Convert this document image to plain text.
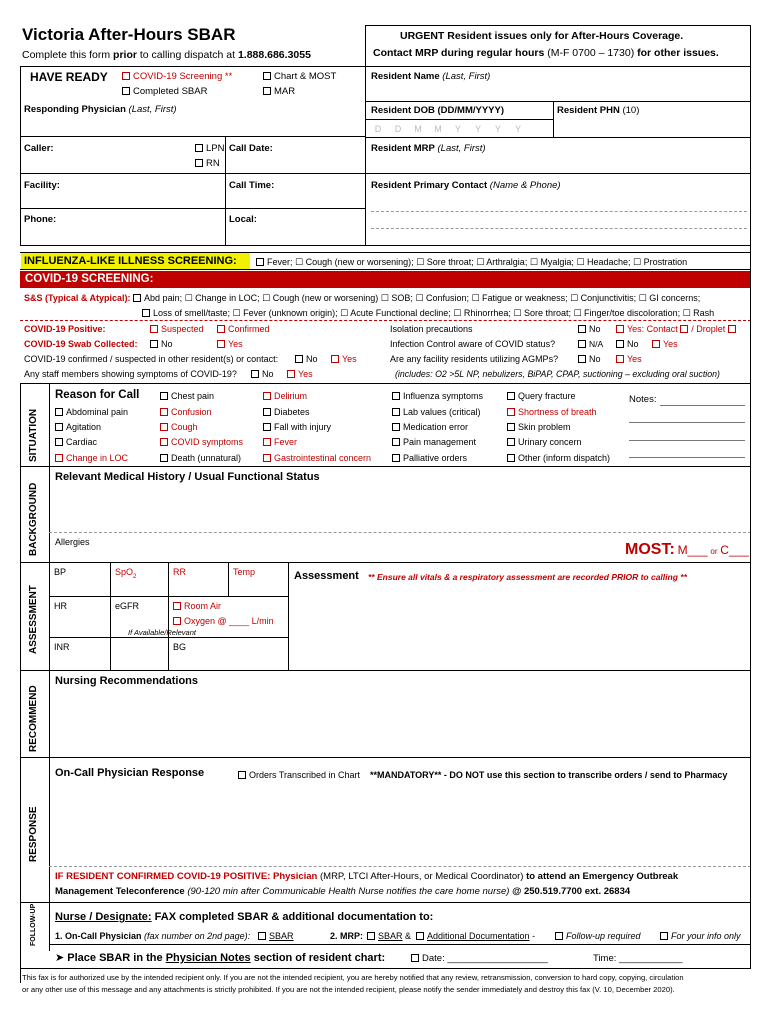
Victoria After-Hours SBAR
Complete this form prior to calling dispatch at 1.888.686.3055
URGENT Resident issues only for After-Hours Coverage.
Contact MRP during regular hours (M-F 0700 – 1730) for other issues.
HAVE READY	COVID-19 Screening **	Chart & MOST
Completed SBAR	MAR
Responding Physician (Last, First)
Caller:	LPN
RN
Call Date:
Facility:	Call Time:
Phone:	Local:
Resident Name (Last, First)
Resident DOB (DD/MM/YYYY)	Resident PHN (10)
D D M M Y Y Y Y
Resident MRP (Last, First)
Resident Primary Contact (Name & Phone)
INFLUENZA-LIKE ILLNESS SCREENING:	Fever; ☐ Cough (new or worsening); ☐ Sore throat; ☐ Arthralgia; ☐ Myalgia; ☐ Headache; ☐ Prostration
COVID-19 SCREENING:
S&S (Typical & Atypical): Abd pain; ☐ Change in LOC; ☐ Cough (new or worsening) ☐ SOB; ☐ Confusion; ☐ Fatigue or weakness; ☐ Conjunctivitis; ☐ GI concerns;
Loss of smell/taste; ☐ Fever (unknown origin); ☐ Acute Functional decline; ☐ Rhinorrhea; ☐ Sore throat; ☐ Finger/toe discoloration; ☐ Rash
COVID-19 Positive:	Suspected	Confirmed
COVID-19 Swab Collected:	No	Yes
COVID-19 confirmed / suspected in other resident(s) or contact:	No	Yes
Any staff members showing symptoms of COVID-19?	No	Yes
Isolation precautions	No	Yes: Contact / Droplet
Infection Control aware of COVID status?	N/A	No	Yes
Are any facility residents utilizing AGMPs?	No	Yes
(includes: O2 >5L NP, nebulizers, BiPAP, CPAP, suctioning – excluding oral suction)
SITUATION
Reason for Call
Abdominal pain
Agitation
Cardiac
Change in LOC
Chest pain
Confusion
Cough
COVID symptoms
Death (unnatural)
Delirium
Diabetes
Fall with injury
Fever
Gastrointestinal concern
Influenza symptoms
Lab values (critical)
Medication error
Pain management
Palliative orders
Query fracture
Shortness of breath
Skin problem
Urinary concern
Other (inform dispatch)
Notes:
BACKGROUND
Relevant Medical History / Usual Functional Status
Allergies	MOST: M___ or C___
ASSESSMENT
BP	SpO$_2$	RR	Temp
HR	eGFR	Room Air
Oxygen @ ____ L/min
If Available/Relevant
INR	BG
Assessment ** Ensure all vitals & a respiratory assessment are recorded PRIOR to calling **
RECOMMEND
Nursing Recommendations
RESPONSE
On-Call Physician Response	Orders Transcribed in Chart **MANDATORY** - DO NOT use this section to transcribe orders / send to Pharmacy
IF RESIDENT CONFIRMED COVID-19 POSITIVE: Physician (MRP, LTCI After-Hours, or Medical Coordinator) to attend an Emergency Outbreak
Management Teleconference (90-120 min after Communicable Health Nurse notifies the care home nurse) @ 250.519.7700 ext. 26834
FOLLOW-UP Nurse / Designate: FAX completed SBAR & additional documentation to:
1. On-Call Physician (fax number on 2nd page):	SBAR	2. MRP:	SBAR &	Additional Documentation -	Follow-up required	For your info only
➤ Place SBAR in the Physician Notes section of resident chart:	Date: ___________________	Time: ____________
This fax is for authorized use by the intended recipient only. If you are not the intended recipient, you are hereby notified that any review, retransmission, conversion to hard copy, copying, circulation
or any other use of this message and any attachments is strictly prohibited. If you are not the intended recipient, please notify the sender immediately and destroy this fax (V. 10, December 2020).
